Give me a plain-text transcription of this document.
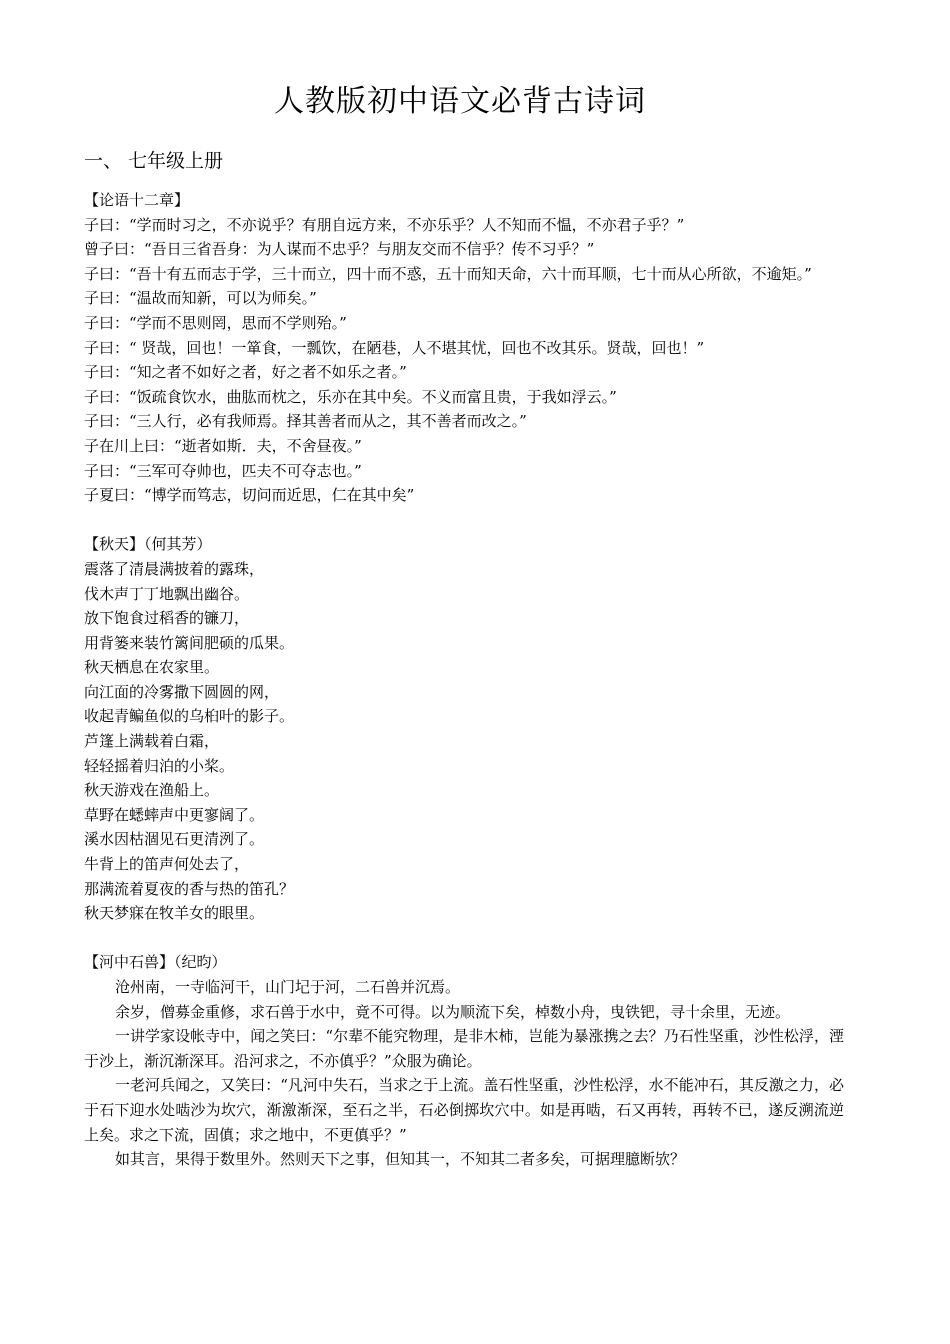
人教版初中语文必背古诗词
一、 七年级上册

【论语十二章】

子曰：“学而时习之，不亦说乎？有朋自远方来，不亦乐乎？人不知而不愠，不亦君子乎？”

曾子曰：“吾日三省吾身：为人谋而不忠乎？与朋友交而不信乎？传不习乎？”

子曰：“吾十有五而志于学，三十而立，四十而不惑，五十而知天命，六十而耳顺，七十而从心所欲，不逾矩。”

子曰：“温故而知新，可以为师矣。”

子曰：“学而不思则罔，思而不学则殆。”

子曰：“ 贤哉，回也！一箪食，一瓢饮，在陋巷，人不堪其忧，回也不改其乐。贤哉，回也！”

子曰：“知之者不如好之者，好之者不如乐之者。”

子曰：“饭疏食饮水，曲肱而枕之，乐亦在其中矣。不义而富且贵，于我如浮云。”

子曰：“三人行，必有我师焉。择其善者而从之，其不善者而改之。”

子在川上曰：“逝者如斯．夫，不舍昼夜。”

子曰：“三军可夺帅也，匹夫不可夺志也。”

子夏曰：“博学而笃志，切问而近思，仁在其中矣”

【秋天】（何其芳）

震落了清晨满披着的露珠，

伐木声丁丁地飘出幽谷。

放下饱食过稻香的镰刀，

用背篓来装竹篱间肥硕的瓜果。

秋天栖息在农家里。

向江面的冷雾撒下圆圆的网，

收起青鳊鱼似的乌桕叶的影子。

芦篷上满载着白霜，

轻轻摇着归泊的小桨。

秋天游戏在渔船上。

草野在蟋蟀声中更寥阔了。

溪水因枯涸见石更清洌了。

牛背上的笛声何处去了，

那满流着夏夜的香与热的笛孔？

秋天梦寐在牧羊女的眼里。

【河中石兽】（纪昀）

沧州南，一寺临河干，山门圮于河，二石兽并沉焉。

余岁，僧募金重修，求石兽于水中，竟不可得。以为顺流下矣，棹数小舟，曳铁钯，寻十余里，无迹。

一讲学家设帐寺中，闻之笑曰：“尔辈不能究物理，是非木柿，岂能为暴涨携之去？乃石性坚重，沙性松浮，湮于沙上，渐沉渐深耳。沿河求之，不亦傎乎？”众服为确论。

一老河兵闻之，又笑曰：“凡河中失石，当求之于上流。盖石性坚重，沙性松浮，水不能冲石，其反激之力，必于石下迎水处啮沙为坎穴，渐激渐深，至石之半，石必倒掷坎穴中。如是再啮，石又再转，再转不已，遂反溯流逆上矣。求之下流，固傎；求之地中，不更傎乎？”

如其言，果得于数里外。然则天下之事，但知其一，不知其二者多矣，可据理臆断欤？
